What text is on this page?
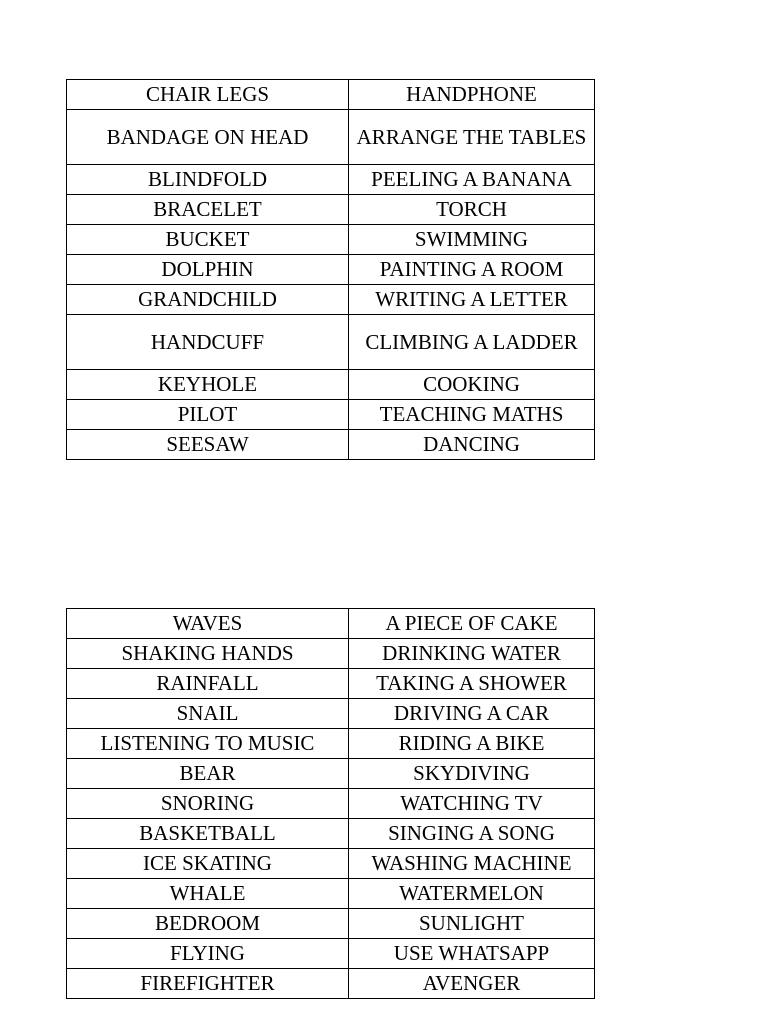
CHAIR LEGS	HANDPHONE
BANDAGE ON HEAD	ARRANGE THE TABLES
BLINDFOLD	PEELING A BANANA
BRACELET	TORCH
BUCKET	SWIMMING
DOLPHIN	PAINTING A ROOM
GRANDCHILD	WRITING A LETTER
HANDCUFF	CLIMBING A LADDER
KEYHOLE	COOKING
PILOT	TEACHING MATHS
SEESAW	DANCING
WAVES	A PIECE OF CAKE
SHAKING HANDS	DRINKING WATER
RAINFALL	TAKING A SHOWER
SNAIL	DRIVING A CAR
LISTENING TO MUSIC	RIDING A BIKE
BEAR	SKYDIVING
SNORING	WATCHING TV
BASKETBALL	SINGING A SONG
ICE SKATING	WASHING MACHINE
WHALE	WATERMELON
BEDROOM	SUNLIGHT
FLYING	USE WHATSAPP
FIREFIGHTER	AVENGER
